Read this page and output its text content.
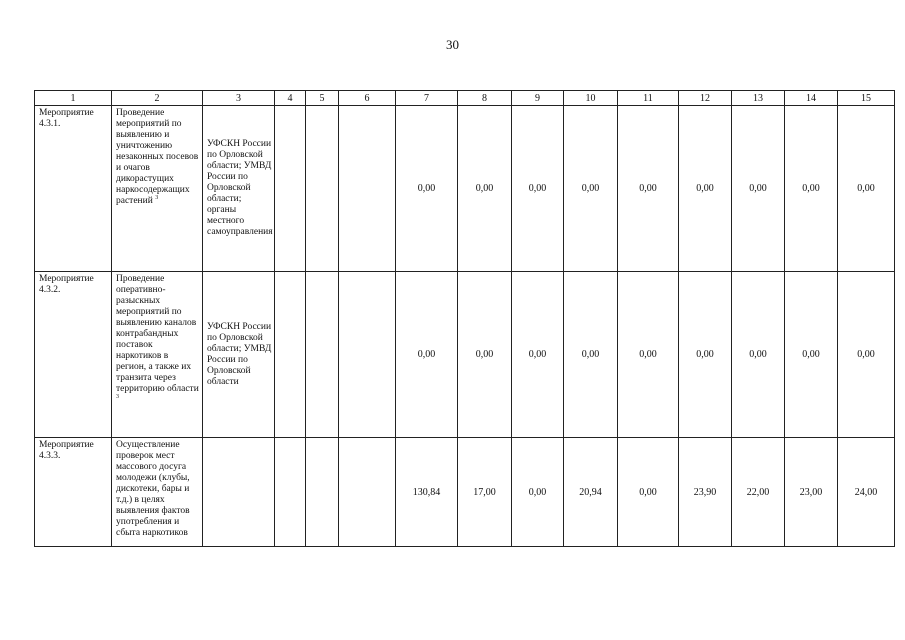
30
1	2	3	4	5	6	7	8	9	10	11	12	13	14	15
Мероприятие 4.3.1.	Проведение мероприятий по выявлению и уничтожению незаконных посевов и очагов дикорастущих наркосодержащих растений $^3$	УФСКН России по Орловской области; УМВД России по Орловской области; органы местного самоуправления				0,00	0,00	0,00	0,00	0,00	0,00	0,00	0,00	0,00
Мероприятие 4.3.2.	Проведение оперативно-разыскных мероприятий по выявлению каналов контрабандных поставок наркотиков в регион, а также их транзита через территорию области $^3$	УФСКН России по Орловской области; УМВД России по Орловской области				0,00	0,00	0,00	0,00	0,00	0,00	0,00	0,00	0,00
Мероприятие 4.3.3.	Осуществление проверок мест массового досуга молодежи (клубы, дискотеки, бары и т.д.) в целях выявления фактов употребления и сбыта наркотиков					130,84	17,00	0,00	20,94	0,00	23,90	22,00	23,00	24,00
